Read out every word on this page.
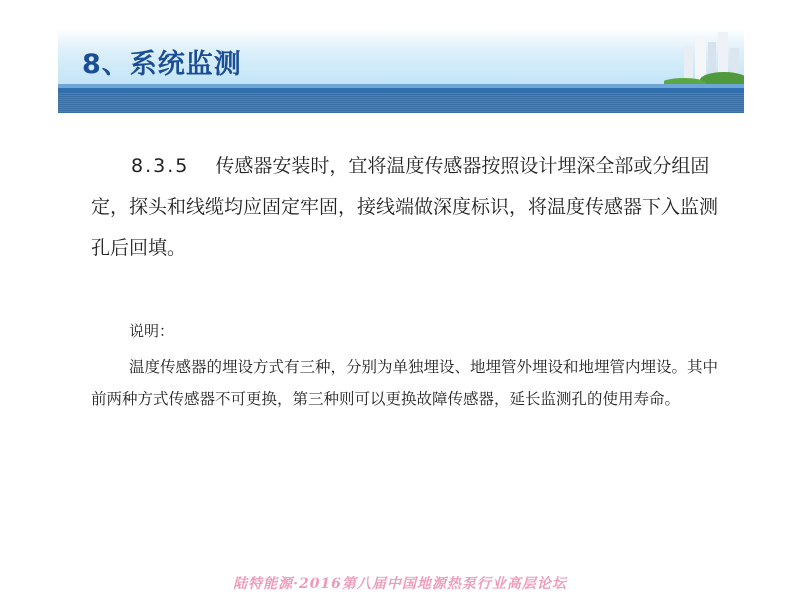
8、系统监测
8.3.5 传感器安装时，宜将温度传感器按照设计埋深全部或分组固定，探头和线缆均应固定牢固，接线端做深度标识，将温度传感器下入监测孔后回填。
说明：
温度传感器的埋设方式有三种，分别为单独埋设、地埋管外埋设和地埋管内埋设。其中前两种方式传感器不可更换，第三种则可以更换故障传感器，延长监测孔的使用寿命。
陆特能源·2016第八届中国地源热泵行业高层论坛
